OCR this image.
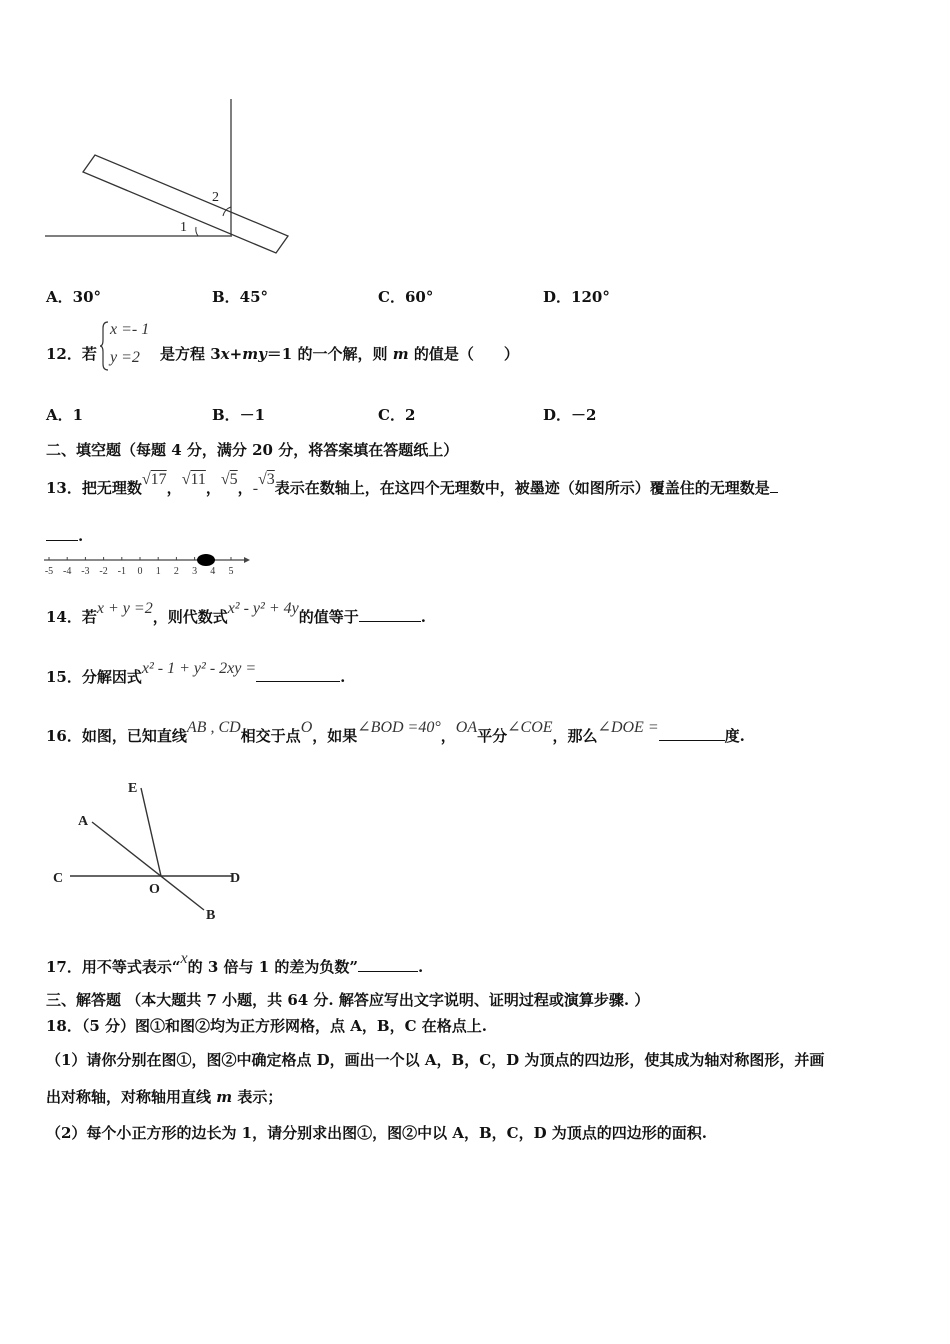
2
1
A．30°	B．45°	C．60°	D．120°
12．若
x =- 1
y =2 是方程 3x+my＝1 的一个解，则 m 的值是（　　）
A．1	B．－1	C．2	D．－2
二、填空题（每题 4 分，满分 20 分，将答案填在答题纸上）
13．把无理数√17，√11，√5，-√3表示在数轴上，在这四个无理数中，被墨迹（如图所示）覆盖住的无理数是
.
-5 -4 -3 -2 -1 0 1 2 3 4 5
14．若x + y =2，则代数式x² - y² + 4y的值等于	.
15．分解因式x² - 1 + y² - 2xy =	.
16．如图，已知直线AB , CD相交于点O，如果∠BOD =40°，OA平分∠COE，那么∠DOE =	度.
E
A
C
O
D
B
17．用不等式表示“x的 3 倍与 1 的差为负数”	.
三、解答题 （本大题共 7 小题，共 64 分. 解答应写出文字说明、证明过程或演算步骤. ）
18．（5 分）图①和图②均为正方形网格，点 A，B，C 在格点上.
（1）请你分别在图①，图②中确定格点 D，画出一个以 A，B，C，D 为顶点的四边形，使其成为轴对称图形，并画
出对称轴，对称轴用直线 m 表示；
（2）每个小正方形的边长为 1，请分别求出图①，图②中以 A，B，C，D 为顶点的四边形的面积.
